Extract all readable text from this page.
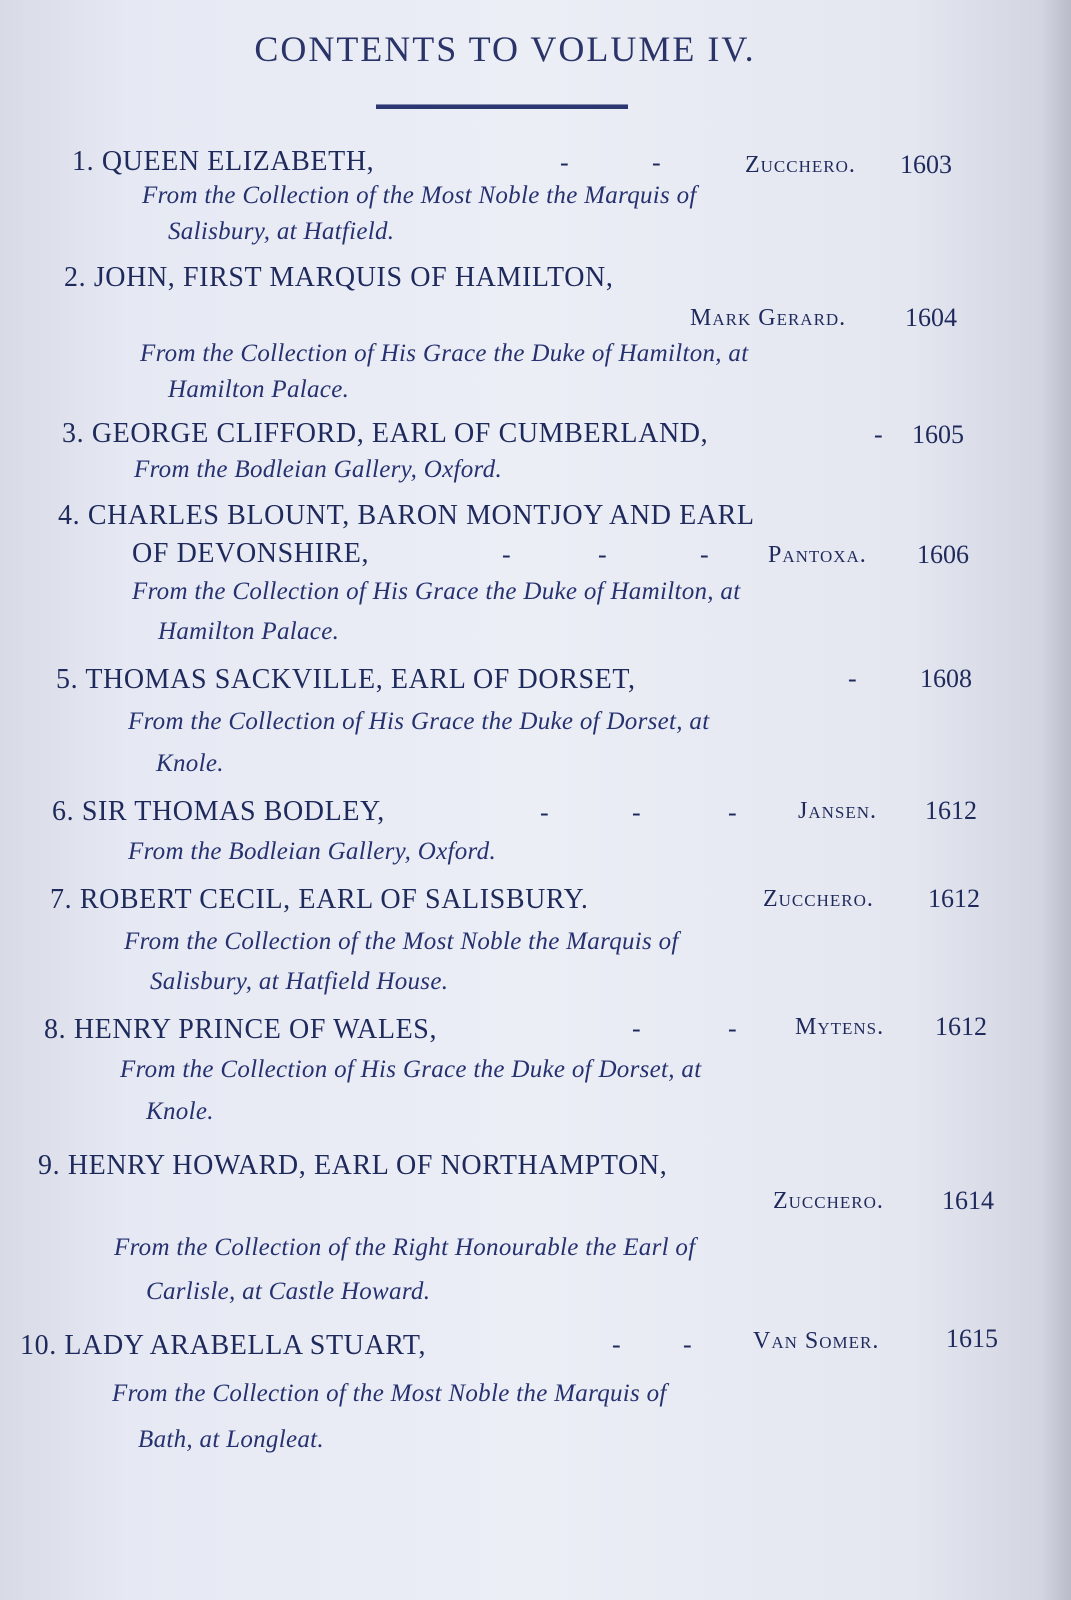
CONTENTS TO VOLUME IV.
1. QUEEN ELIZABETH,	-	-	Zucchero. 1603
From the Collection of the Most Noble the Marquis of
Salisbury, at Hatfield.
2. JOHN, FIRST MARQUIS OF HAMILTON,
Mark Gerard. 1604
From the Collection of His Grace the Duke of Hamilton, at
Hamilton Palace.
3. GEORGE CLIFFORD, EARL OF CUMBERLAND,	- 1605
From the Bodleian Gallery, Oxford.
4. CHARLES BLOUNT, BARON MONTJOY AND EARL
OF DEVONSHIRE,	-	-	- Pantoxa. 1606
From the Collection of His Grace the Duke of Hamilton, at
Hamilton Palace.
5. THOMAS SACKVILLE, EARL OF DORSET,	- 1608
From the Collection of His Grace the Duke of Dorset, at
Knole.
6. SIR THOMAS BODLEY,	-	-	-	Jansen. 1612
From the Bodleian Gallery, Oxford.
7. ROBERT CECIL, EARL OF SALISBURY.	Zucchero. 1612
From the Collection of the Most Noble the Marquis of
Salisbury, at Hatfield House.
8. HENRY PRINCE OF WALES,	-	- Mytens. 1612
From the Collection of His Grace the Duke of Dorset, at
Knole.
9. HENRY HOWARD, EARL OF NORTHAMPTON,
Zucchero. 1614
From the Collection of the Right Honourable the Earl of
Carlisle, at Castle Howard.
10. LADY ARABELLA STUART,	- -	Van Somer.	1615
From the Collection of the Most Noble the Marquis of
Bath, at Longleat.
